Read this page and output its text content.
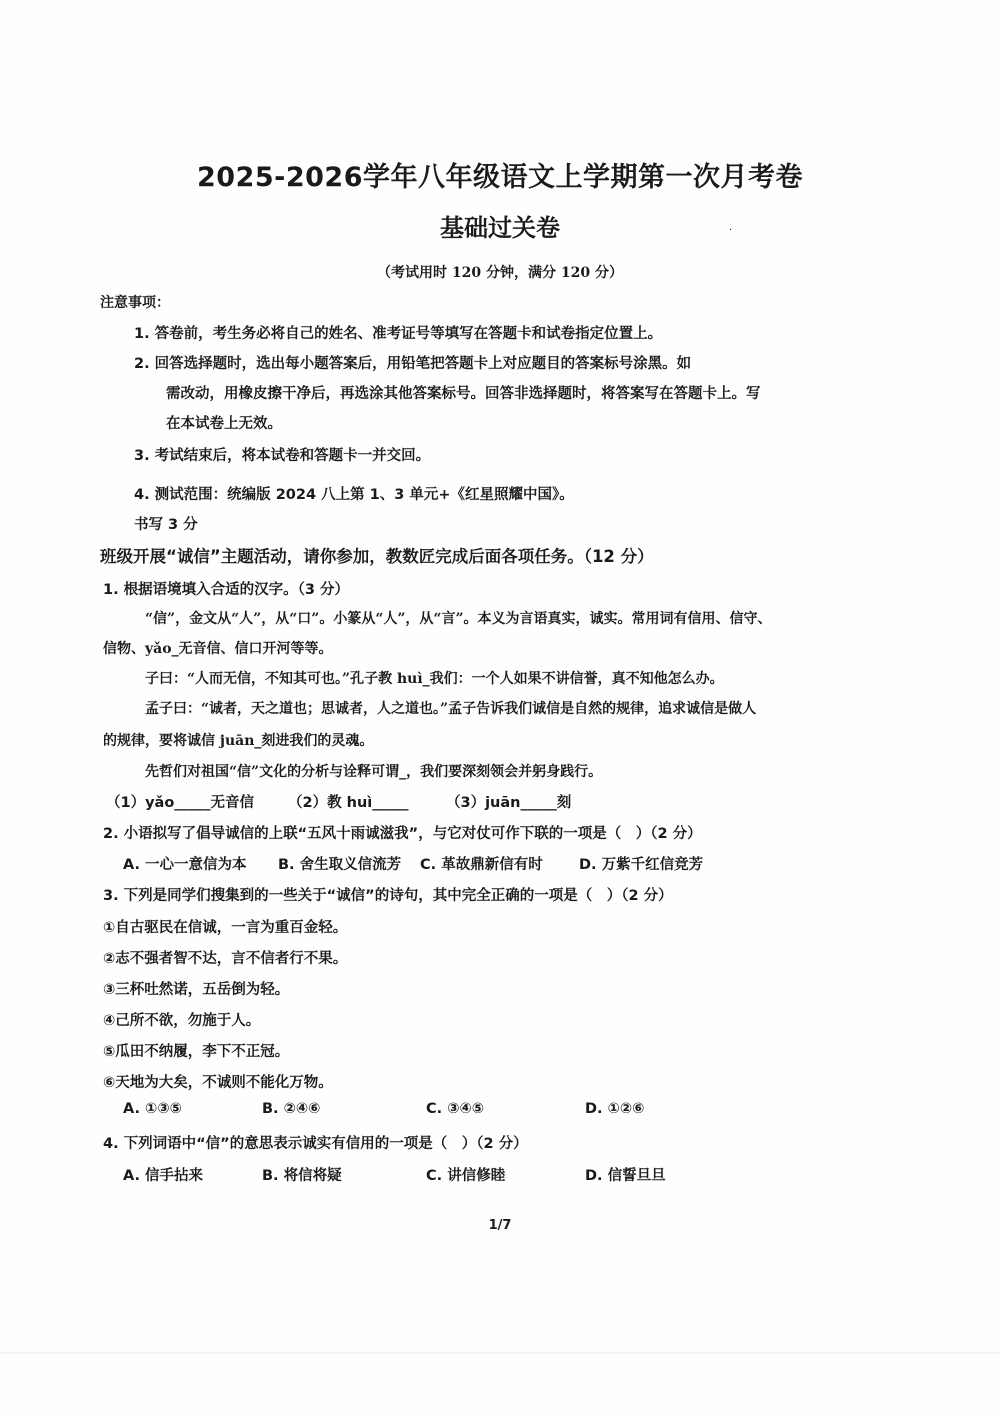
2025-2026学年八年级语文上学期第一次月考卷
基础过关卷	·
（考试用时 120 分钟，满分 120 分）
注意事项：
1. 答卷前，考生务必将自己的姓名、准考证号等填写在答题卡和试卷指定位置上。
2. 回答选择题时，选出每小题答案后，用铅笔把答题卡上对应题目的答案标号涂黑。如
需改动，用橡皮擦干净后，再选涂其他答案标号。回答非选择题时，将答案写在答题卡上。写
在本试卷上无效。
3. 考试结束后，将本试卷和答题卡一并交回。
4. 测试范围：统编版 2024 八上第 1、3 单元+《红星照耀中国》。
书写 3 分
班级开展“诚信”主题活动，请你参加，教数匠完成后面各项任务。（12 分）
1. 根据语境填入合适的汉字。（3 分）
“信”，金文从“人”，从“口”。小篆从“人”，从“言”。本义为言语真实，诚实。常用词有信用、信守、
信物、yǎo_无音信、信口开河等等。
子曰：“人而无信，不知其可也。”孔子教 huì_我们：一个人如果不讲信誉，真不知他怎么办。
孟子曰：“诚者，天之道也；思诚者，人之道也。”孟子告诉我们诚信是自然的规律，追求诚信是做人
的规律，要将诚信 juān_刻进我们的灵魂。
先哲们对祖国“信”文化的分析与诠释可谓_，我们要深刻领会并躬身践行。
（1）yǎo_____无音信 （2）教 huì_____	（3）juān_____刻
2. 小语拟写了倡导诚信的上联“五风十雨诚滋我”，与它对仗可作下联的一项是（　）（2 分）
A. 一心一意信为本 B. 舍生取义信流芳 C. 革故鼎新信有时	D. 万紫千红信竞芳
3. 下列是同学们搜集到的一些关于“诚信”的诗句，其中完全正确的一项是（　）（2 分）
①自古驱民在信诚，一言为重百金轻。
②志不强者智不达，言不信者行不果。
③三杯吐然诺，五岳倒为轻。
④己所不欲，勿施于人。
⑤瓜田不纳履，李下不正冠。
⑥天地为大矣，不诚则不能化万物。
A. ①③⑤	B. ②④⑥	C. ③④⑤	D. ①②⑥
4. 下列词语中“信”的意思表示诚实有信用的一项是（　）（2 分）
A. 信手拈来	B. 将信将疑	C. 讲信修睦	D. 信誓旦旦
1/7
